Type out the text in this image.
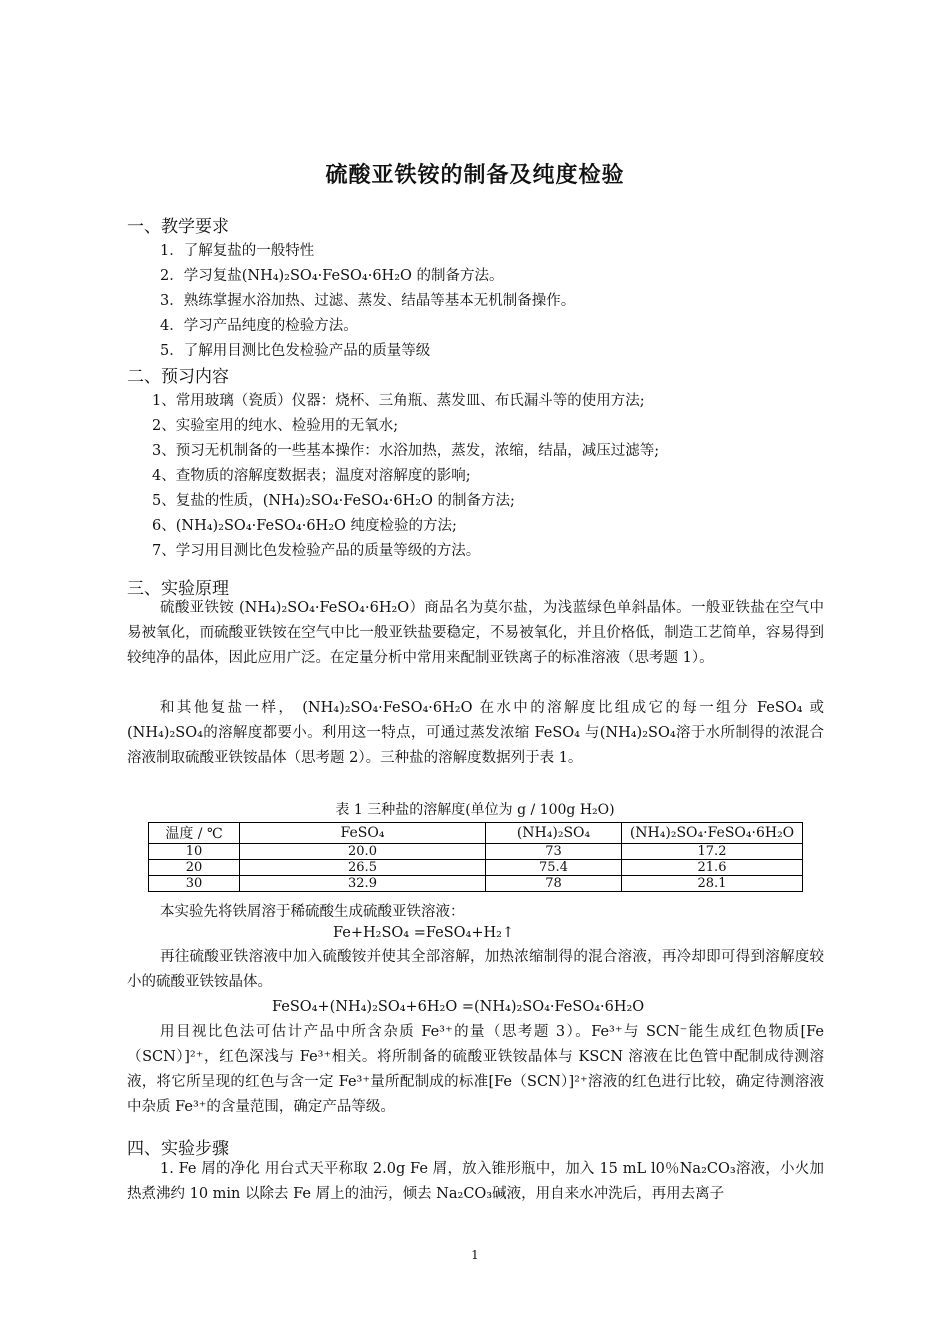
硫酸亚铁铵的制备及纯度检验
一、教学要求
1．了解复盐的一般特性
2．学习复盐(NH₄)₂SO₄·FeSO₄·6H₂O 的制备方法。
3．熟练掌握水浴加热、过滤、蒸发、结晶等基本无机制备操作。
4．学习产品纯度的检验方法。
5．了解用目测比色发检验产品的质量等级
二、预习内容
1、常用玻璃（瓷质）仪器：烧杯、三角瓶、蒸发皿、布氏漏斗等的使用方法;
2、实验室用的纯水、检验用的无氧水;
3、预习无机制备的一些基本操作：水浴加热，蒸发，浓缩，结晶，减压过滤等;
4、查物质的溶解度数据表；温度对溶解度的影响;
5、复盐的性质，(NH₄)₂SO₄·FeSO₄·6H₂O 的制备方法;
6、(NH₄)₂SO₄·FeSO₄·6H₂O 纯度检验的方法;
7、学习用目测比色发检验产品的质量等级的方法。
三、实验原理
硫酸亚铁铵 (NH₄)₂SO₄·FeSO₄·6H₂O）商品名为莫尔盐，为浅蓝绿色单斜晶体。一般亚铁盐在空气中易被氧化，而硫酸亚铁铵在空气中比一般亚铁盐要稳定，不易被氧化，并且价格低，制造工艺简单，容易得到较纯净的晶体，因此应用广泛。在定量分析中常用来配制亚铁离子的标准溶液（思考题 1）。
和其他复盐一样， (NH₄)₂SO₄·FeSO₄·6H₂O 在水中的溶解度比组成它的每一组分 FeSO₄ 或 (NH₄)₂SO₄的溶解度都要小。利用这一特点，可通过蒸发浓缩 FeSO₄ 与(NH₄)₂SO₄溶于水所制得的浓混合溶液制取硫酸亚铁铵晶体（思考题 2）。三种盐的溶解度数据列于表 1。
表 1 三种盐的溶解度(单位为 g / 100g H₂O)
温度 / ℃	FeSO₄	(NH₄)₂SO₄	(NH₄)₂SO₄·FeSO₄·6H₂O
10	20.0	73	17.2
20	26.5	75.4	21.6
30	32.9	78	28.1
本实验先将铁屑溶于稀硫酸生成硫酸亚铁溶液：
Fe+H₂SO₄ =FeSO₄+H₂↑
再往硫酸亚铁溶液中加入硫酸铵并使其全部溶解，加热浓缩制得的混合溶液，再冷却即可得到溶解度较小的硫酸亚铁铵晶体。
FeSO₄+(NH₄)₂SO₄+6H₂O =(NH₄)₂SO₄·FeSO₄·6H₂O
用目视比色法可估计产品中所含杂质 Fe³⁺的量（思考题 3）。Fe³⁺与 SCN⁻能生成红色物质[Fe（SCN）]²⁺，红色深浅与 Fe³⁺相关。将所制备的硫酸亚铁铵晶体与 KSCN 溶液在比色管中配制成待测溶液，将它所呈现的红色与含一定 Fe³⁺量所配制成的标准[Fe（SCN）]²⁺溶液的红色进行比较，确定待测溶液中杂质 Fe³⁺的含量范围，确定产品等级。
四、实验步骤
1. Fe 屑的净化 用台式天平称取 2.0g Fe 屑，放入锥形瓶中，加入 15 mL l0％Na₂CO₃溶液，小火加热煮沸约 10 min 以除去 Fe 屑上的油污，倾去 Na₂CO₃碱液，用自来水冲洗后，再用去离子
1
